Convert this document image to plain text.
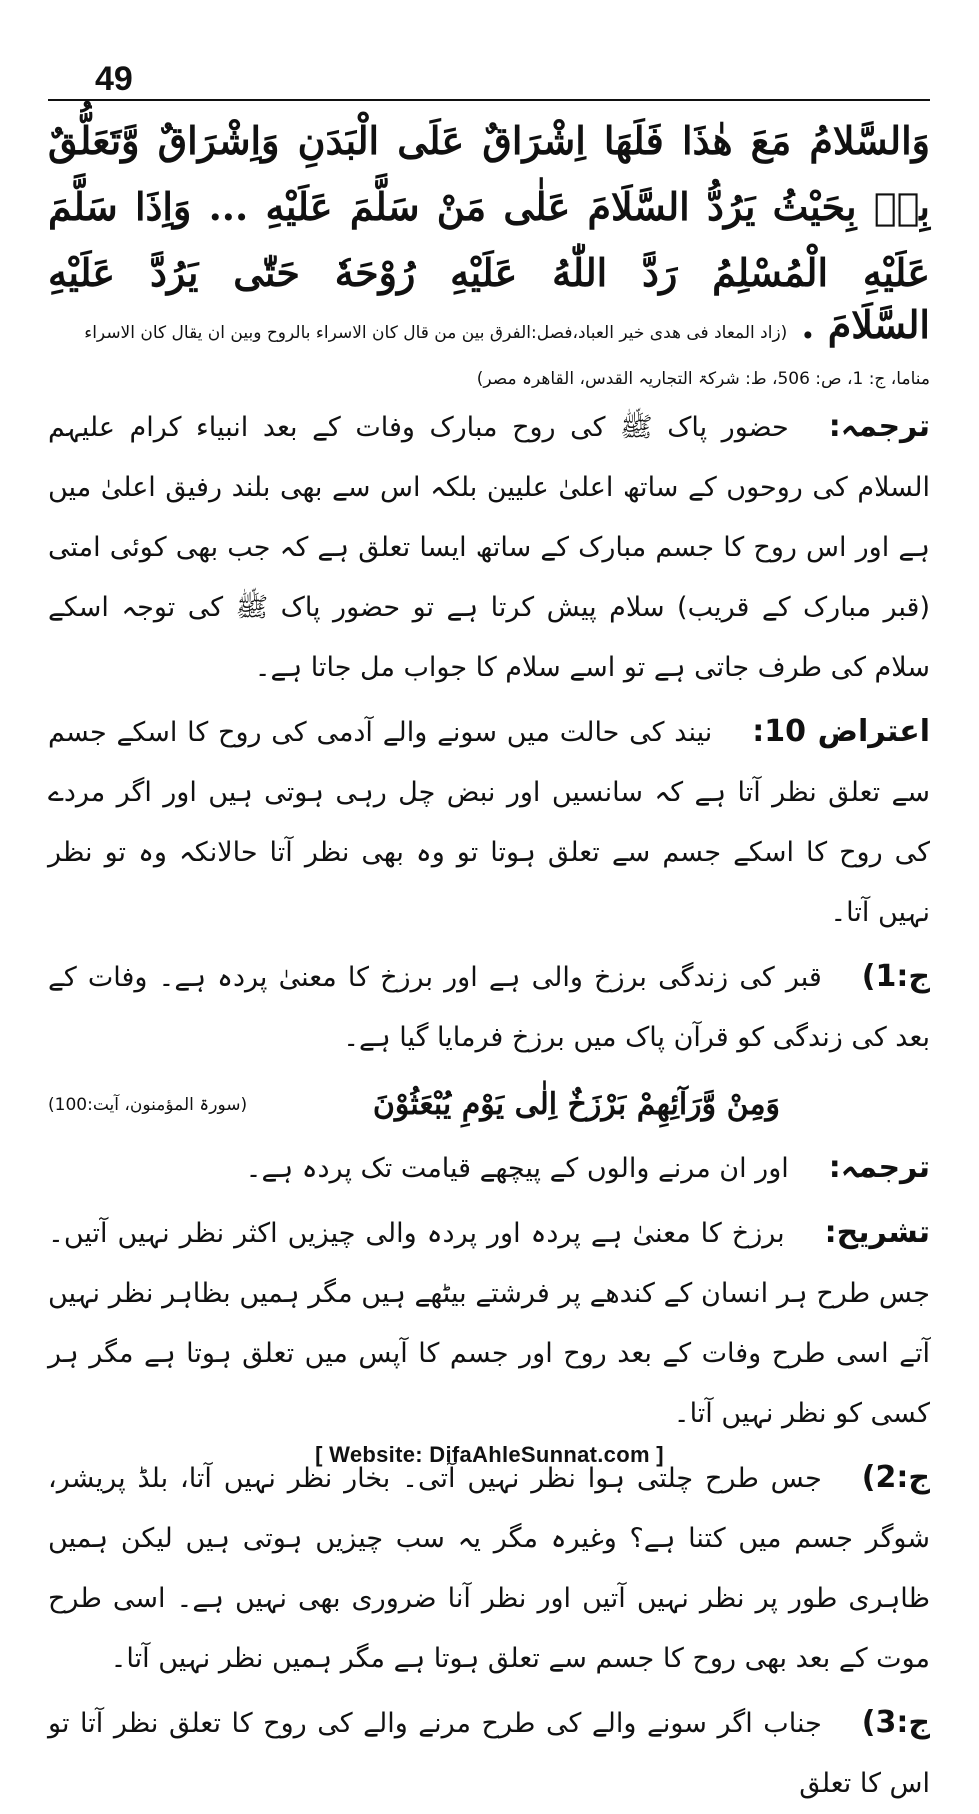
49
وَالسَّلامُ مَعَ هٰذَا فَلَهَا اِشْرَاقٌ عَلَى الْبَدَنِ وَاِشْرَاقٌ وَّتَعَلُّقٌ بِهٖ بِحَيْثُ يَرُدُّ السَّلَامَ عَلٰى مَنْ سَلَّمَ عَلَيْهِ ... وَاِذَا سَلَّمَ عَلَيْهِ الْمُسْلِمُ رَدَّ اللّٰهُ عَلَيْهِ رُوْحَهٗ حَتّٰى يَرُدَّ عَلَيْهِ
السَّلَامَ .
(زاد المعاد فی ھدی خیر العباد،فصل:الفرق بین من قال کان الاسراء بالروح وبین ان یقال کان الاسراء
مناما، ج: 1، ص: 506، ط: شرکۃ التجاریہ القدس، القاھرہ مصر)
ترجمہ:حضور پاک ﷺ کی روح مبارک وفات کے بعد انبیاء کرام علیہم السلام کی روحوں کے ساتھ اعلیٰ علیین بلکہ اس سے بھی بلند رفیق اعلیٰ میں ہے اور اس روح کا جسم مبارک کے ساتھ ایسا تعلق ہے کہ جب بھی کوئی امتی (قبر مبارک کے قریب) سلام پیش کرتا ہے تو حضور پاک ﷺ کی توجہ اسکے سلام کی طرف جاتی ہے تو اسے سلام کا جواب مل جاتا ہے۔
اعتراض 10:نیند کی حالت میں سونے والے آدمی کی روح کا اسکے جسم سے تعلق نظر آتا ہے کہ سانسیں اور نبض چل رہی ہوتی ہیں اور اگر مردے کی روح کا اسکے جسم سے تعلق ہوتا تو وہ بھی نظر آتا حالانکہ وہ تو نظر نہیں آتا۔
ج:1)قبر کی زندگی برزخ والی ہے اور برزخ کا معنیٰ پردہ ہے۔ وفات کے بعد کی زندگی کو قرآن پاک میں برزخ فرمایا گیا ہے۔
وَمِنْ وَّرَآئِهِمْ بَرْزَخٌ اِلٰى يَوْمِ يُبْعَثُوْنَ
(سورۃ المؤمنون، آیت:100)
ترجمہ:اور ان مرنے والوں کے پیچھے قیامت تک پردہ ہے۔
تشریح:برزخ کا معنیٰ ہے پردہ اور پردہ والی چیزیں اکثر نظر نہیں آتیں۔ جس طرح ہر انسان کے کندھے پر فرشتے بیٹھے ہیں مگر ہمیں بظاہر نظر نہیں آتے اسی طرح وفات کے بعد روح اور جسم کا آپس میں تعلق ہوتا ہے مگر ہر کسی کو نظر نہیں آتا۔
ج:2)جس طرح چلتی ہوا نظر نہیں آتی۔ بخار نظر نہیں آتا، بلڈ پریشر، شوگر جسم میں کتنا ہے؟ وغیرہ مگر یہ سب چیزیں ہوتی ہیں لیکن ہمیں ظاہری طور پر نظر نہیں آتیں اور نظر آنا ضروری بھی نہیں ہے۔ اسی طرح موت کے بعد بھی روح کا جسم سے تعلق ہوتا ہے مگر ہمیں نظر نہیں آتا۔
ج:3)جناب اگر سونے والے کی طرح مرنے والے کی روح کا تعلق نظر آتا تو اس کا تعلق
[ Website: DifaAhleSunnat.com ]
